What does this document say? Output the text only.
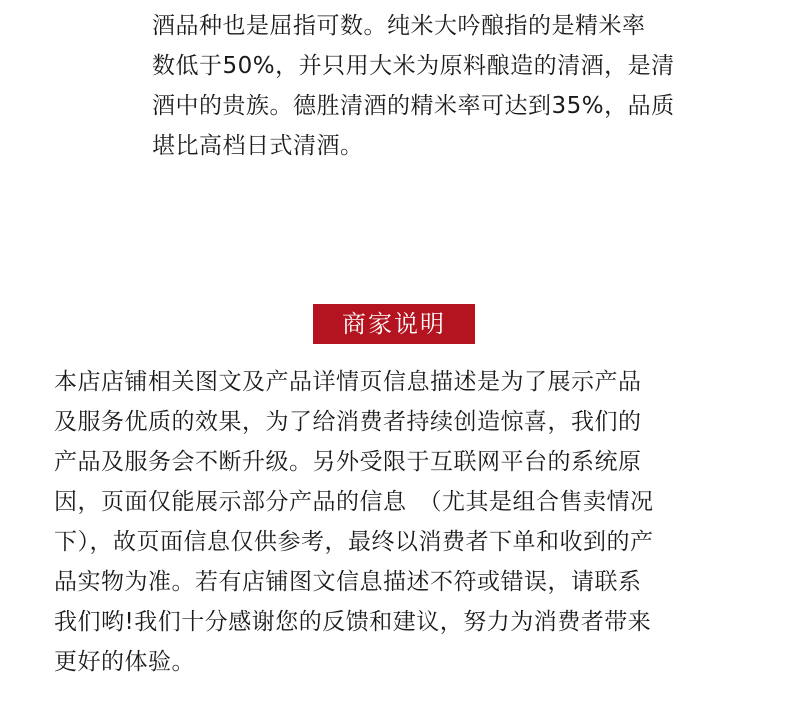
酒品种也是屈指可数。纯米大吟酿指的是精米率
数低于50%，并只用大米为原料酿造的清酒，是清
酒中的贵族。德胜清酒的精米率可达到35%，品质
堪比高档日式清酒。
商家说明
本店店铺相关图文及产品详情页信息描述是为了展示产品
及服务优质的效果，为了给消费者持续创造惊喜，我们的
产品及服务会不断升级。另外受限于互联网平台的系统原
因，页面仅能展示部分产品的信息　（尤其是组合售卖情况
下），故页面信息仅供参考，最终以消费者下单和收到的产
品实物为准。若有店铺图文信息描述不符或错误，请联系
我们哟!我们十分感谢您的反馈和建议，努力为消费者带来
更好的体验。
